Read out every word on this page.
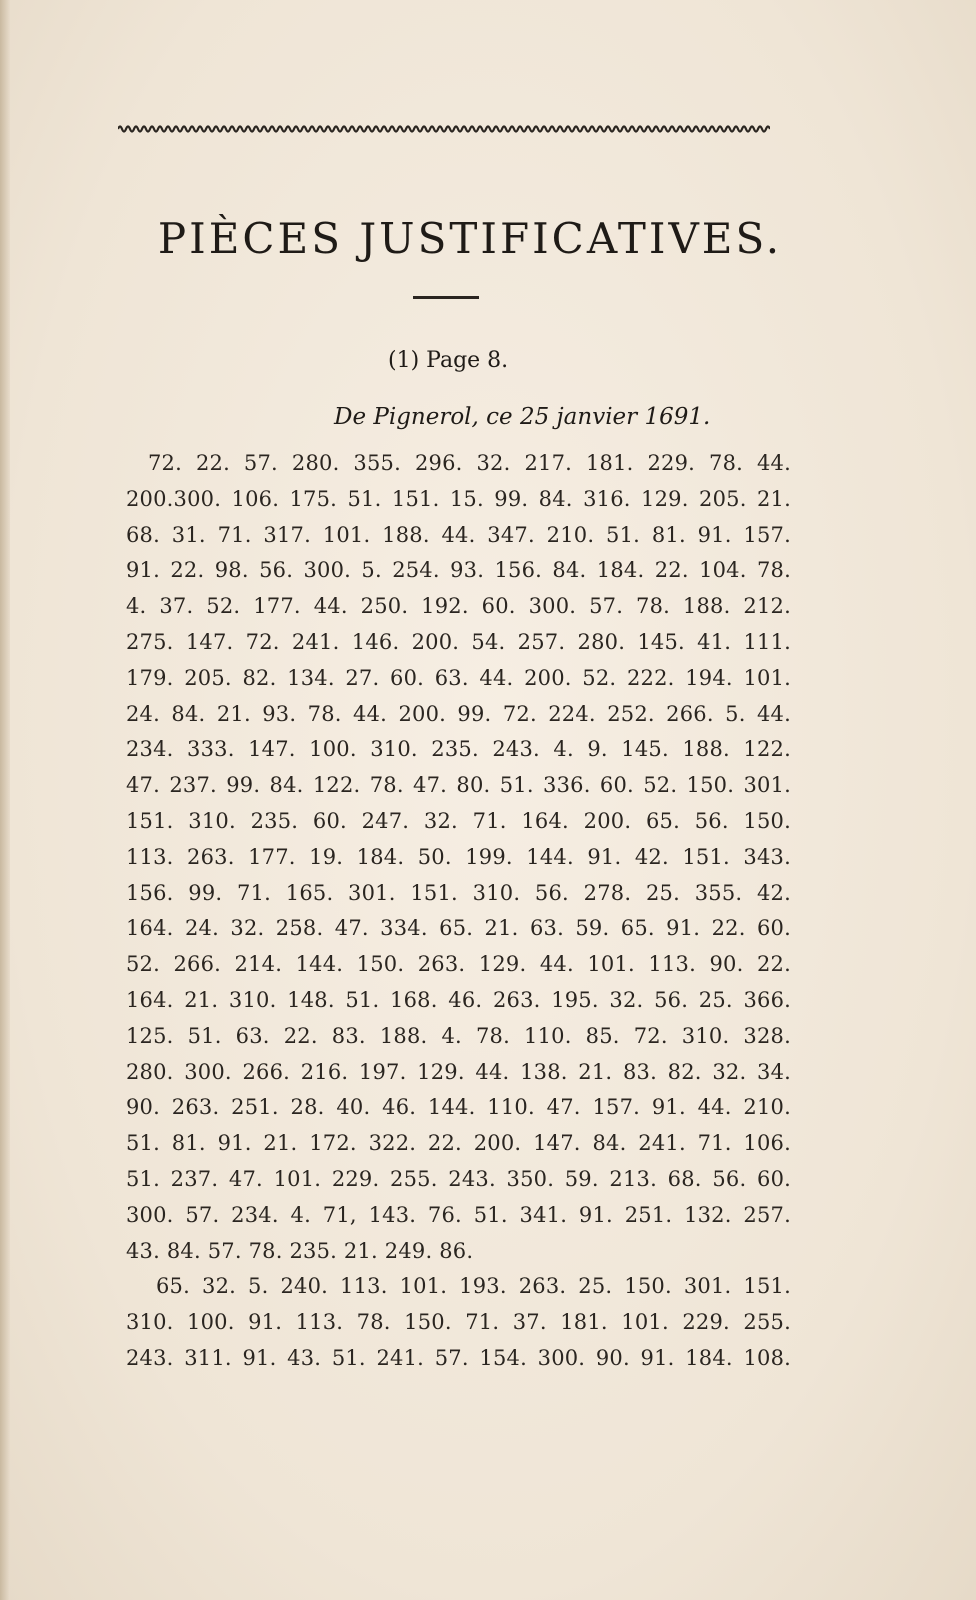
PIÈCES JUSTIFICATIVES.
(1) Page 8.
De Pignerol, ce 25 janvier 1691.
72. 22. 57. 280. 355. 296. 32. 217. 181. 229. 78. 44.
200.300. 106. 175. 51. 151. 15. 99. 84. 316. 129. 205. 21.
68. 31. 71. 317. 101. 188. 44. 347. 210. 51. 81. 91. 157.
91. 22. 98. 56. 300. 5. 254. 93. 156. 84. 184. 22. 104. 78.
4. 37. 52. 177. 44. 250. 192. 60. 300. 57. 78. 188. 212.
275. 147. 72. 241. 146. 200. 54. 257. 280. 145. 41. 111.
179. 205. 82. 134. 27. 60. 63. 44. 200. 52. 222. 194. 101.
24. 84. 21. 93. 78. 44. 200. 99. 72. 224. 252. 266. 5. 44.
234. 333. 147. 100. 310. 235. 243. 4. 9. 145. 188. 122.
47. 237. 99. 84. 122. 78. 47. 80. 51. 336. 60. 52. 150. 301.
151. 310. 235. 60. 247. 32. 71. 164. 200. 65. 56. 150.
113. 263. 177. 19. 184. 50. 199. 144. 91. 42. 151. 343.
156. 99. 71. 165. 301. 151. 310. 56. 278. 25. 355. 42.
164. 24. 32. 258. 47. 334. 65. 21. 63. 59. 65. 91. 22. 60.
52. 266. 214. 144. 150. 263. 129. 44. 101. 113. 90. 22.
164. 21. 310. 148. 51. 168. 46. 263. 195. 32. 56. 25. 366.
125. 51. 63. 22. 83. 188. 4. 78. 110. 85. 72. 310. 328.
280. 300. 266. 216. 197. 129. 44. 138. 21. 83. 82. 32. 34.
90. 263. 251. 28. 40. 46. 144. 110. 47. 157. 91. 44. 210.
51. 81. 91. 21. 172. 322. 22. 200. 147. 84. 241. 71. 106.
51. 237. 47. 101. 229. 255. 243. 350. 59. 213. 68. 56. 60.
300. 57. 234. 4. 71, 143. 76. 51. 341. 91. 251. 132. 257.
43. 84. 57. 78. 235. 21. 249. 86.
65. 32. 5. 240. 113. 101. 193. 263. 25. 150. 301. 151.
310. 100. 91. 113. 78. 150. 71. 37. 181. 101. 229. 255.
243. 311. 91. 43. 51. 241. 57. 154. 300. 90. 91. 184. 108.
